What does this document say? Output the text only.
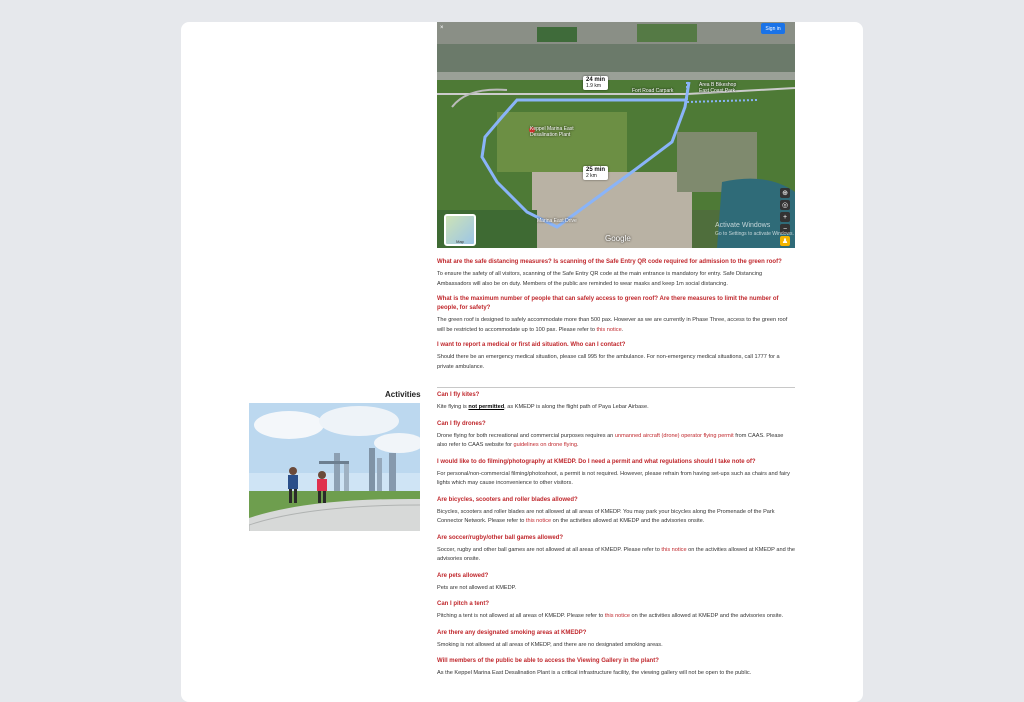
×	Sign in
24 min
1.9 km
25 min
2 km
Keppel Marina East Desalination Plant
Fort Road Carpark
Area B Bikeshop
East Coast Park
Marina East Drive
⊕
◎
+
−
♟
Map	Google
Activate Windows
Go to Settings to activate Windows.

What are the safe distancing measures? Is scanning of the Safe Entry QR code required for admission to the green roof?

To ensure the safety of all visitors, scanning of the Safe Entry QR code at the main entrance is mandatory for entry. Safe Distancing Ambassadors will also be on duty. Members of the public are reminded to wear masks and keep 1m social distancing.

What is the maximum number of people that can safely access to green roof? Are there measures to limit the number of people, for safety?

The green roof is designed to safely accommodate more than 500 pax. However as we are currently in Phase Three, access to the green roof will be restricted to accommodate up to 100 pax. Please refer to this notice.

I want to report a medical or first aid situation. Who can I contact?

Should there be an emergency medical situation, please call 995 for the ambulance. For non-emergency medical situations, call 1777 for a private ambulance.

Activities	Can I fly kites?

Kite flying is not permitted, as KMEDP is along the flight path of Paya Lebar Airbase.

Can I fly drones?

Drone flying for both recreational and commercial purposes requires an unmanned aircraft (drone) operator flying permit from CAAS. Please also refer to CAAS website for guidelines on drone flying.

I would like to do filming/photography at KMEDP. Do I need a permit and what regulations should I take note of?

For personal/non-commercial filming/photoshoot, a permit is not required. However, please refrain from having set-ups such as chairs and fairy lights which may cause inconvenience to other visitors.

Are bicycles, scooters and roller blades allowed?

Bicycles, scooters and roller blades are not allowed at all areas of KMEDP. You may park your bicycles along the Promenade of the Park Connector Network. Please refer to this notice on the activities allowed at KMEDP and the advisories onsite.

Are soccer/rugby/other ball games allowed?

Soccer, rugby and other ball games are not allowed at all areas of KMEDP. Please refer to this notice on the activities allowed at KMEDP and the advisories onsite.

Are pets allowed?

Pets are not allowed at KMEDP.

Can I pitch a tent?

Pitching a tent is not allowed at all areas of KMEDP. Please refer to this notice on the activities allowed at KMEDP and the advisories onsite.

Are there any designated smoking areas at KMEDP?

Smoking is not allowed at all areas of KMEDP, and there are no designated smoking areas.

Will members of the public be able to access the Viewing Gallery in the plant?

As the Keppel Marina East Desalination Plant is a critical infrastructure facility, the viewing gallery will not be open to the public.
